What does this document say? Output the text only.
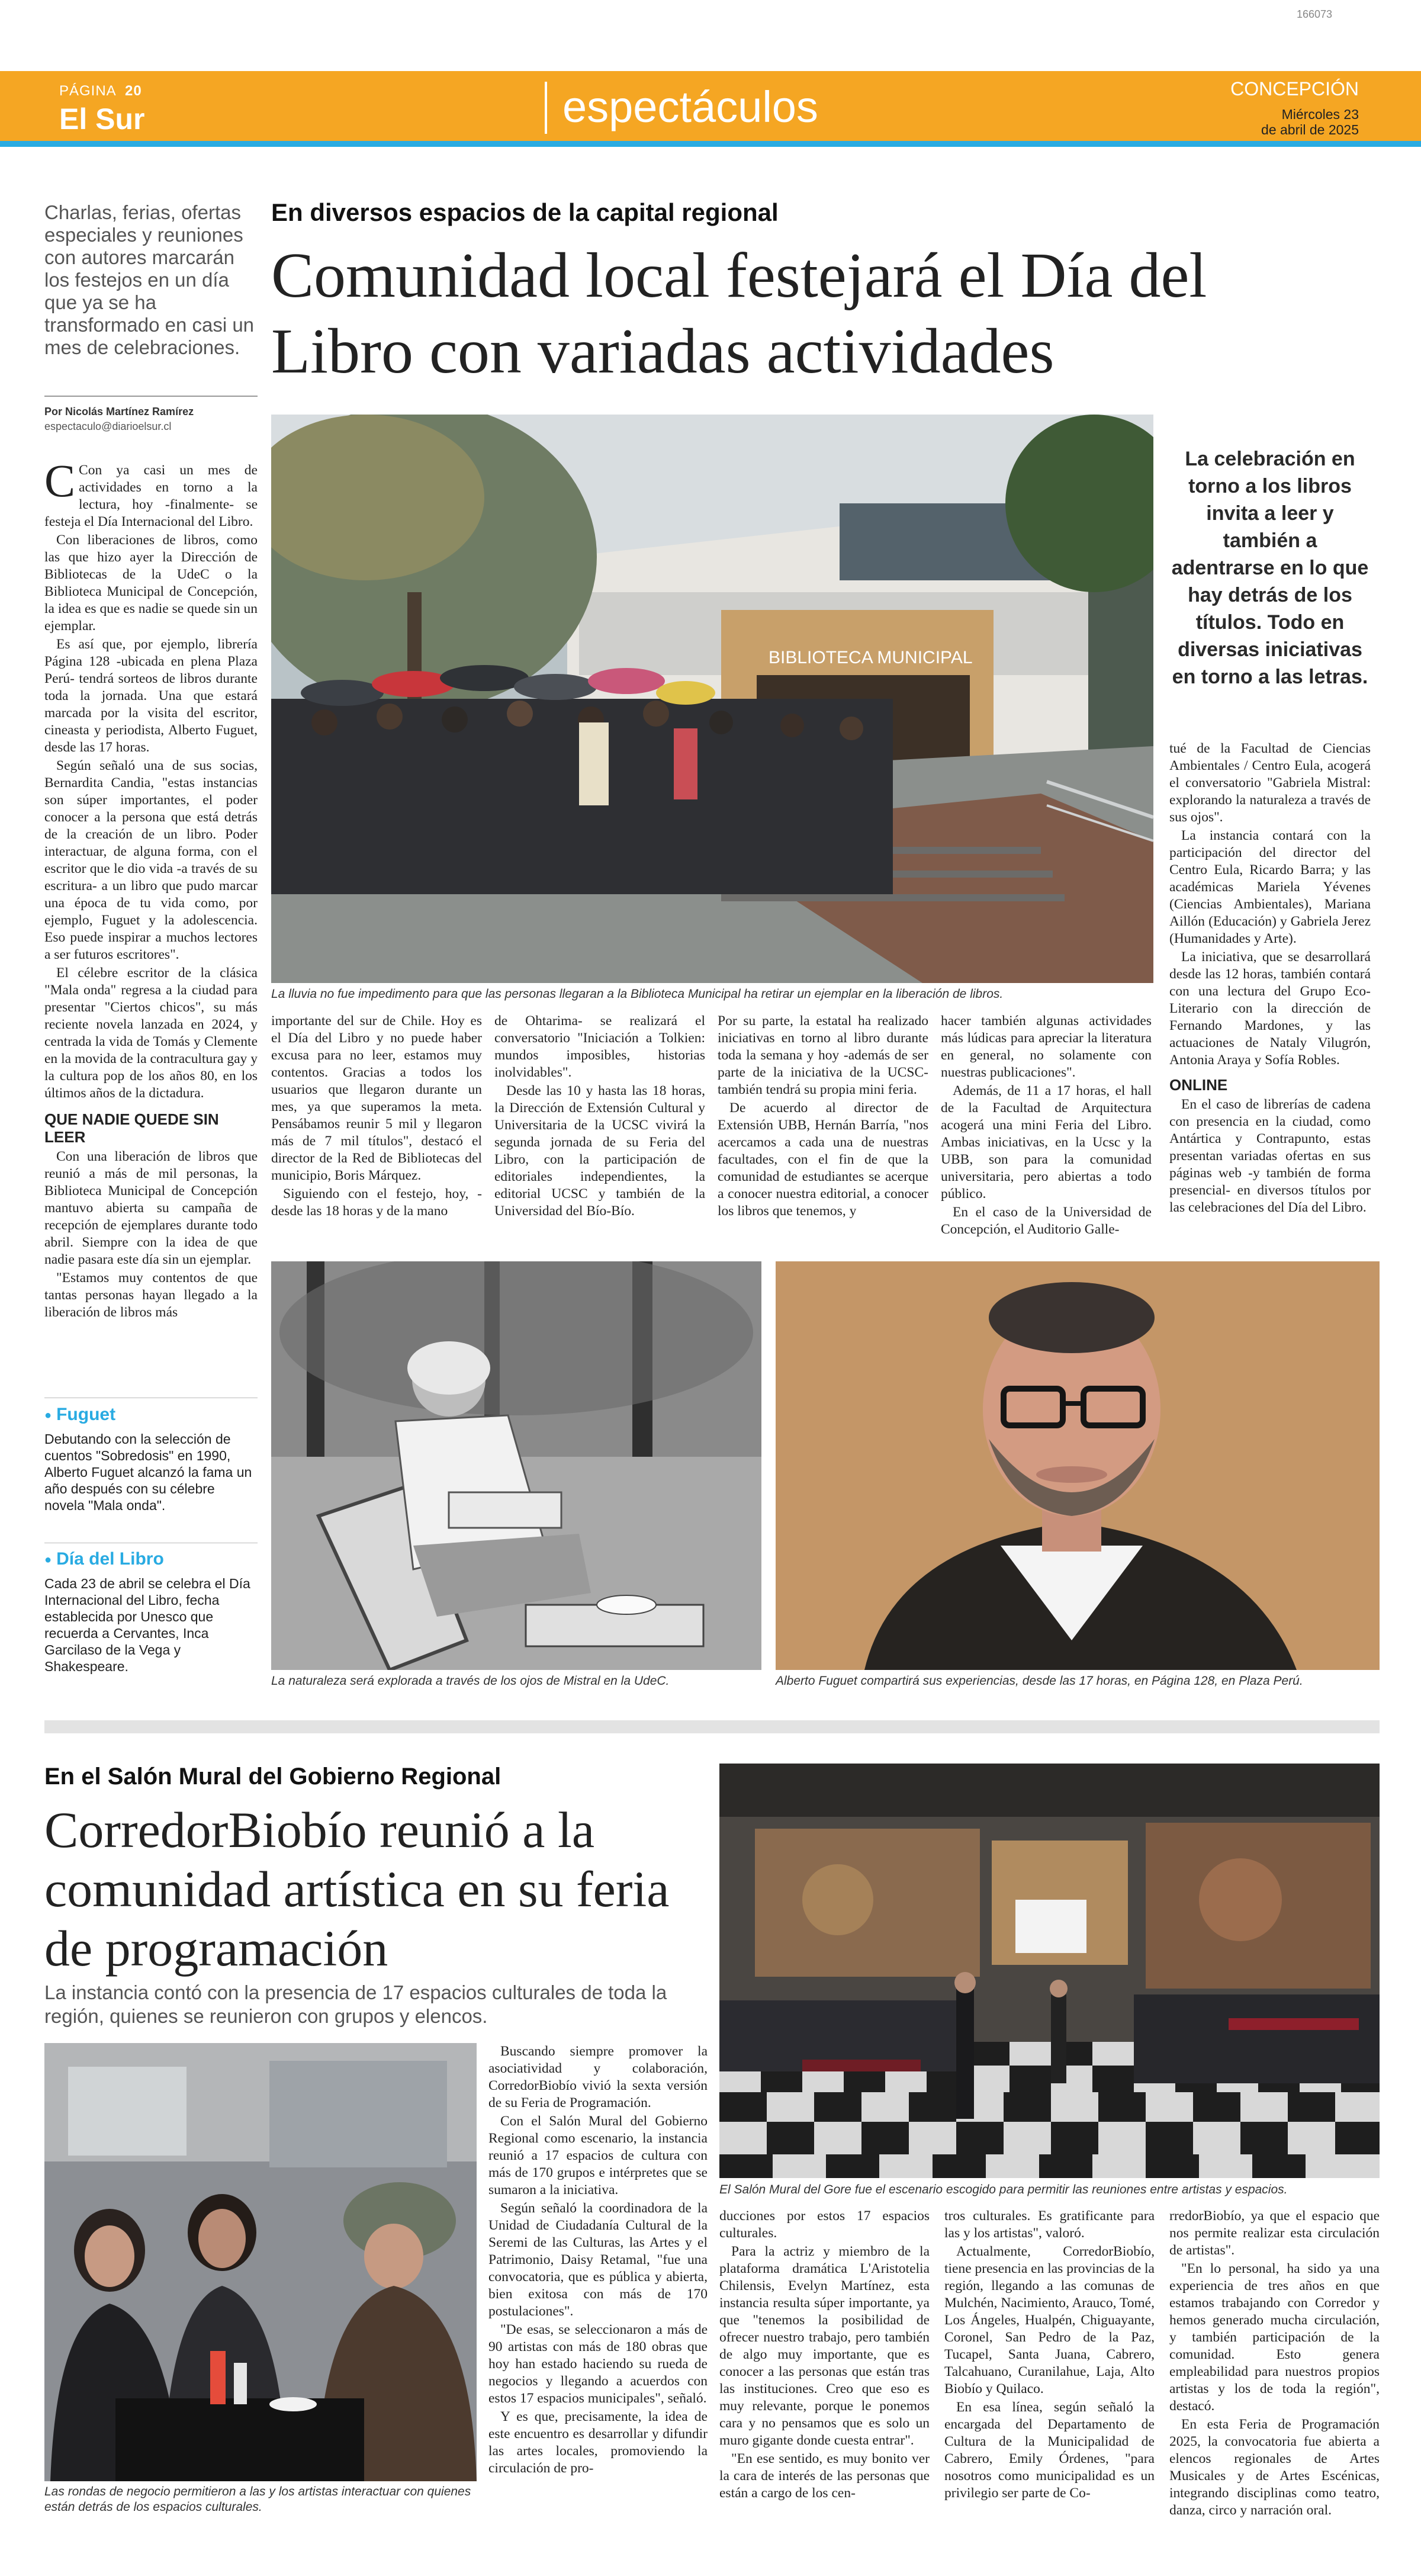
166073
PÁGINA 20
El Sur	espectáculos	CONCEPCIÓN
Miércoles 23
de abril de 2025
Charlas, ferias, ofertas especiales y reuniones con autores marcarán los festejos en un día que ya se ha transformado en casi un mes de celebraciones.
En diversos espacios de la capital regional
Comunidad local festejará el Día del Libro con variadas actividades
Por Nicolás Martínez Ramírez
espectaculo@diarioelsur.cl

C Con ya casi un mes de actividades en torno a la lectura, hoy -finalmente- se festeja el Día Internacional del Libro.

Con liberaciones de libros, como las que hizo ayer la Dirección de Bibliotecas de la UdeC o la Biblioteca Municipal de Concepción, la idea es que es nadie se quede sin un ejemplar.

Es así que, por ejemplo, librería Página 128 -ubicada en plena Plaza Perú- tendrá sorteos de libros durante toda la jornada. Una que estará marcada por la visita del escritor, cineasta y periodista, Alberto Fuguet, desde las 17 horas.

Según señaló una de sus socias, Bernardita Candia, "estas instancias son súper importantes, el poder conocer a la persona que está detrás de la creación de un libro. Poder interactuar, de alguna forma, con el escritor que le dio vida -a través de su escritura- a un libro que pudo marcar una época de tu vida como, por ejemplo, Fuguet y la adolescencia. Eso puede inspirar a muchos lectores a ser futuros escritores".

El célebre escritor de la clásica "Mala onda" regresa a la ciudad para presentar "Ciertos chicos", su más reciente novela lanzada en 2024, y centrada la vida de Tomás y Clemente en la movida de la contracultura gay y la cultura pop de los años 80, en los últimos años de la dictadura.

QUE NADIE QUEDE SIN LEER

Con una liberación de libros que reunió a más de mil personas, la Biblioteca Municipal de Concepción mantuvo abierta su campaña de recepción de ejemplares durante todo abril. Siempre con la idea de que nadie pasara este día sin un ejemplar.

"Estamos muy contentos de que tantas personas hayan llegado a la liberación de libros más

● Fuguet
Debutando con la selección de cuentos "Sobredosis" en 1990, Alberto Fuguet alcanzó la fama un año después con su célebre novela "Mala onda".
● Día del Libro
Cada 23 de abril se celebra el Día Internacional del Libro, fecha establecida por Unesco que recuerda a Cervantes, Inca Garcilaso de la Vega y Shakespeare.
BIBLIOTECA MUNICIPAL
La lluvia no fue impedimento para que las personas llegaran a la Biblioteca Municipal ha retirar un ejemplar en la liberación de libros.
La celebración en torno a los libros invita a leer y también a adentrarse en lo que hay detrás de los títulos. Todo en diversas iniciativas en torno a las letras.

tué de la Facultad de Ciencias Ambientales / Centro Eula, acogerá el conversatorio "Gabriela Mistral: explorando la naturaleza a través de sus ojos".

La instancia contará con la participación del director del Centro Eula, Ricardo Barra; y las académicas Mariela Yévenes (Ciencias Ambientales), Mariana Aillón (Educación) y Gabriela Jerez (Humanidades y Arte).

La iniciativa, que se desarrollará desde las 12 horas, también contará con una lectura del Grupo Eco-Literario con la dirección de Fernando Mardones, y las actuaciones de Nataly Vilugrón, Antonia Araya y Sofía Robles.

ONLINE

En el caso de librerías de cadena con presencia en la ciudad, como Antártica y Contrapunto, estas presentan variadas ofertas en sus páginas web -y también de forma presencial- en diversos títulos por las celebraciones del Día del Libro.

importante del sur de Chile. Hoy es el Día del Libro y no puede haber excusa para no leer, estamos muy contentos. Gracias a todos los usuarios que llegaron durante un mes, ya que superamos la meta. Pensábamos reunir 5 mil y llegaron más de 7 mil títulos", destacó el director de la Red de Bibliotecas del municipio, Boris Márquez.

Siguiendo con el festejo, hoy, -desde las 18 horas y de la mano

de Ohtarima- se realizará el conversatorio "Iniciación a Tolkien: mundos imposibles, historias inolvidables".

Desde las 10 y hasta las 18 horas, la Dirección de Extensión Cultural y Universitaria de la UCSC vivirá la segunda jornada de su Feria del Libro, con la participación de editoriales independientes, la editorial UCSC y también de la Universidad del Bío-Bío.

Por su parte, la estatal ha realizado iniciativas en torno al libro durante toda la semana y hoy -además de ser parte de la iniciativa de la UCSC- también tendrá su propia mini feria.

De acuerdo al director de Extensión UBB, Hernán Barría, "nos acercamos a cada una de nuestras facultades, con el fin de que la comunidad de estudiantes se acerque a conocer nuestra editorial, a conocer los libros que tenemos, y

hacer también algunas actividades más lúdicas para apreciar la literatura en general, no solamente con nuestras publicaciones".

Además, de 11 a 17 horas, el hall de la Facultad de Arquitectura acogerá una mini Feria del Libro. Ambas iniciativas, en la Ucsc y la UBB, son para la comunidad universitaria, pero abiertas a todo público.

En el caso de la Universidad de Concepción, el Auditorio Galle-

La naturaleza será explorada a través de los ojos de Mistral en la UdeC.	Alberto Fuguet compartirá sus experiencias, desde las 17 horas, en Página 128, en Plaza Perú.
En el Salón Mural del Gobierno Regional
CorredorBiobío reunió a la comunidad artística en su feria de programación
La instancia contó con la presencia de 17 espacios culturales de toda la región, quienes se reunieron con grupos y elencos.
Las rondas de negocio permitieron a las y los artistas interactuar con quienes están detrás de los espacios culturales.
El Salón Mural del Gore fue el escenario escogido para permitir las reuniones entre artistas y espacios.

Buscando siempre promover la asociatividad y colaboración, CorredorBiobío vivió la sexta versión de su Feria de Programación.

Con el Salón Mural del Gobierno Regional como escenario, la instancia reunió a 17 espacios de cultura con más de 170 grupos e intérpretes que se sumaron a la iniciativa.

Según señaló la coordinadora de la Unidad de Ciudadanía Cultural de la Seremi de las Culturas, las Artes y el Patrimonio, Daisy Retamal, "fue una convocatoria, que es pública y abierta, bien exitosa con más de 170 postulaciones".

"De esas, se seleccionaron a más de 90 artistas con más de 180 obras que hoy han estado haciendo su rueda de negocios y llegando a acuerdos con estos 17 espacios municipales", señaló.

Y es que, precisamente, la idea de este encuentro es desarrollar y difundir las artes locales, promoviendo la circulación de pro-

ducciones por estos 17 espacios culturales.

Para la actriz y miembro de la plataforma dramática L'Aristotelia Chilensis, Evelyn Martínez, esta instancia resulta súper importante, ya que "tenemos la posibilidad de ofrecer nuestro trabajo, pero también de algo muy importante, que es conocer a las personas que están tras las instituciones. Creo que eso es muy relevante, porque le ponemos cara y no pensamos que es solo un muro gigante donde cuesta entrar".

"En ese sentido, es muy bonito ver la cara de interés de las personas que están a cargo de los cen-

tros culturales. Es gratificante para las y los artistas", valoró.

Actualmente, CorredorBiobío, tiene presencia en las provincias de la región, llegando a las comunas de Mulchén, Nacimiento, Arauco, Tomé, Los Ángeles, Hualpén, Chiguayante, Coronel, San Pedro de la Paz, Tucapel, Santa Juana, Cabrero, Talcahuano, Curanilahue, Laja, Alto Biobío y Quilaco.

En esa línea, según señaló la encargada del Departamento de Cultura de la Municipalidad de Cabrero, Emily Órdenes, "para nosotros como municipalidad es un privilegio ser parte de Co-

rredorBiobío, ya que el espacio que nos permite realizar esta circulación de artistas".

"En lo personal, ha sido ya una experiencia de tres años en que estamos trabajando con Corredor y hemos generado mucha circulación, y también participación de la comunidad. Esto genera empleabilidad para nuestros propios artistas y los de toda la región", destacó.

En esta Feria de Programación 2025, la convocatoria fue abierta a elencos regionales de Artes Musicales y de Artes Escénicas, integrando disciplinas como teatro, danza, circo y narración oral.
